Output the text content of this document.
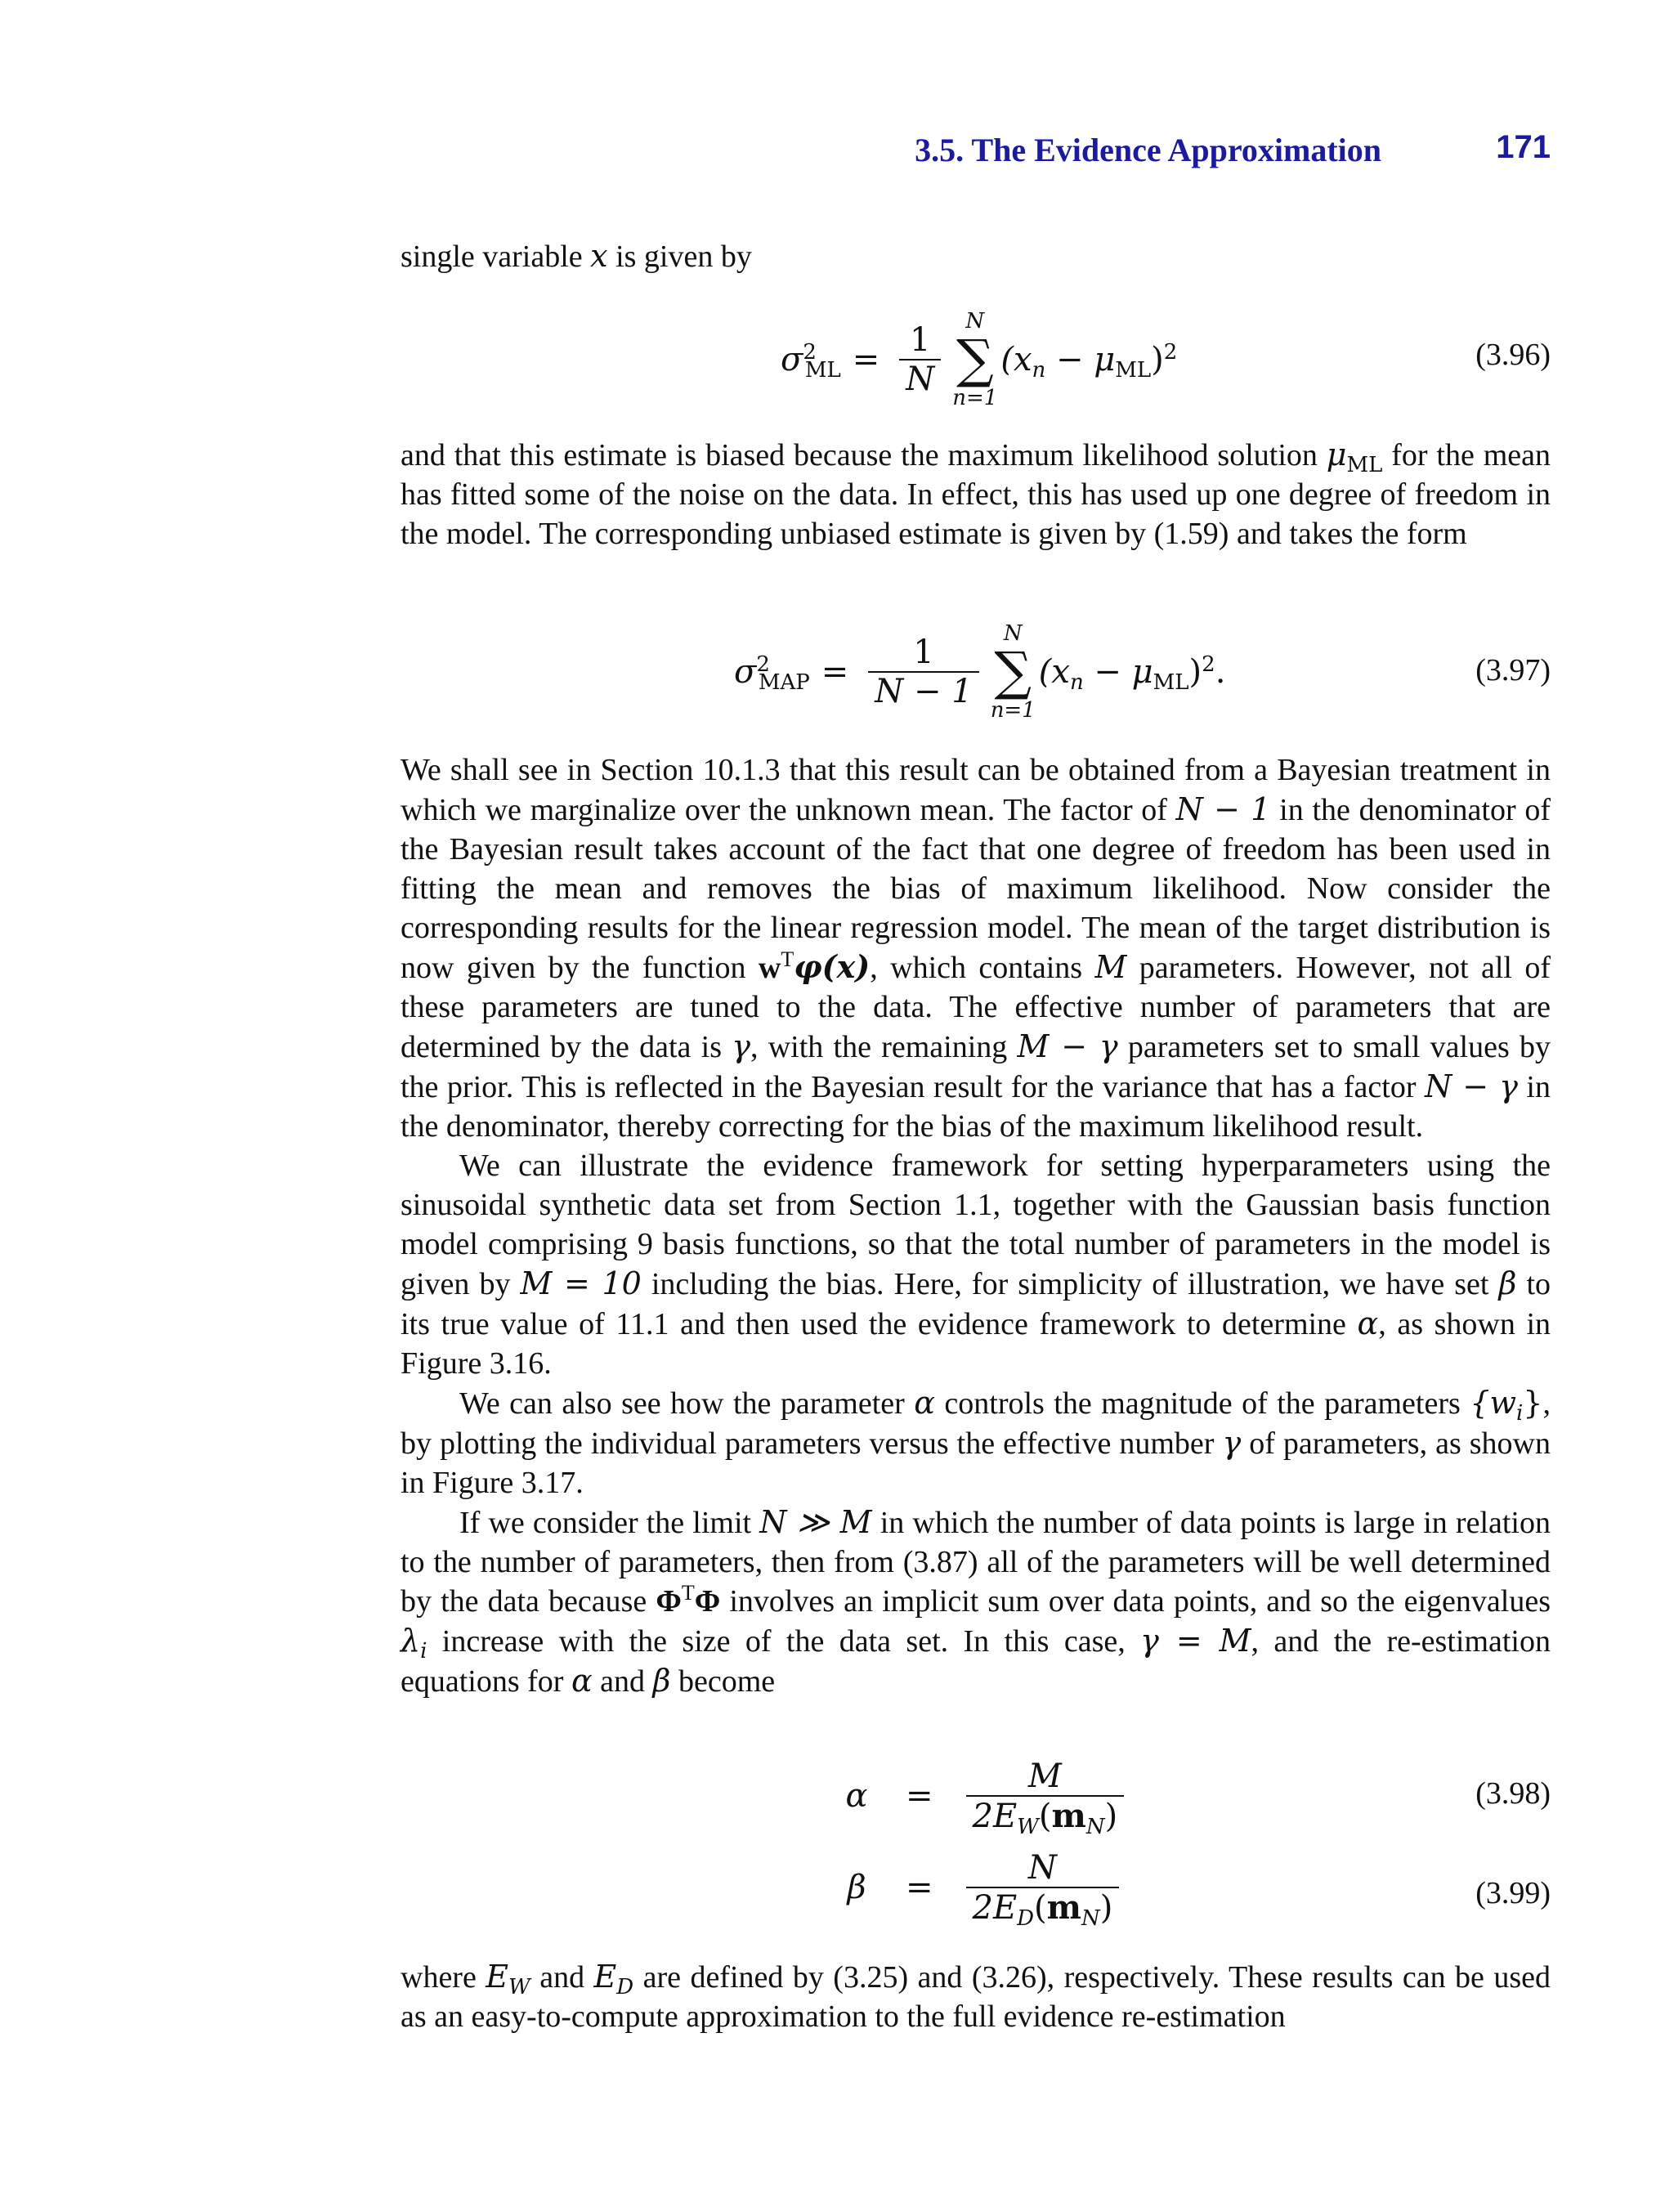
3.5. The Evidence Approximation	171

single variable x is given by

$\sigma^2_{ML} = \frac{1}{N}$ N
∑
n=1
$(x_n - \mu_{ML})^2$	(3.96)

and that this estimate is biased because the maximum likelihood solution $\mu_{ML}$ for the mean has fitted some of the noise on the data. In effect, this has used up one degree of freedom in the model. The corresponding unbiased estimate is given by (1.59) and takes the form

$\sigma^2_{MAP} = \frac{1}{N - 1}$ N
∑
n=1
$(x_n - \mu_{ML})^2$.	(3.97)

We shall see in Section 10.1.3 that this result can be obtained from a Bayesian treatment in which we marginalize over the unknown mean. The factor of N − 1 in the denominator of the Bayesian result takes account of the fact that one degree of freedom has been used in fitting the mean and removes the bias of maximum likelihood. Now consider the corresponding results for the linear regression model. The mean of the target distribution is now given by the function $w^T\varphi(x)$, which contains M parameters. However, not all of these parameters are tuned to the data. The effective number of parameters that are determined by the data is γ, with the remaining M − γ parameters set to small values by the prior. This is reflected in the Bayesian result for the variance that has a factor N − γ in the denominator, thereby correcting for the bias of the maximum likelihood result.

We can illustrate the evidence framework for setting hyperparameters using the sinusoidal synthetic data set from Section 1.1, together with the Gaussian basis function model comprising 9 basis functions, so that the total number of parameters in the model is given by M = 10 including the bias. Here, for simplicity of illustration, we have set β to its true value of 11.1 and then used the evidence framework to determine α, as shown in Figure 3.16.

We can also see how the parameter α controls the magnitude of the parameters $\{w_i\}$, by plotting the individual parameters versus the effective number γ of parameters, as shown in Figure 3.17.

If we consider the limit N ≫ M in which the number of data points is large in relation to the number of parameters, then from (3.87) all of the parameters will be well determined by the data because $\Phi^T\Phi$ involves an implicit sum over data points, and so the eigenvalues $\lambda_i$ increase with the size of the data set. In this case, γ = M, and the re-estimation equations for α and β become

α	= $\frac{M}{2E_W(m_N)}$	(3.98)
β	= $\frac{N}{2E_D(m_N)}$	(3.99)

where $E_W$ and $E_D$ are defined by (3.25) and (3.26), respectively. These results can be used as an easy-to-compute approximation to the full evidence re-estimation
